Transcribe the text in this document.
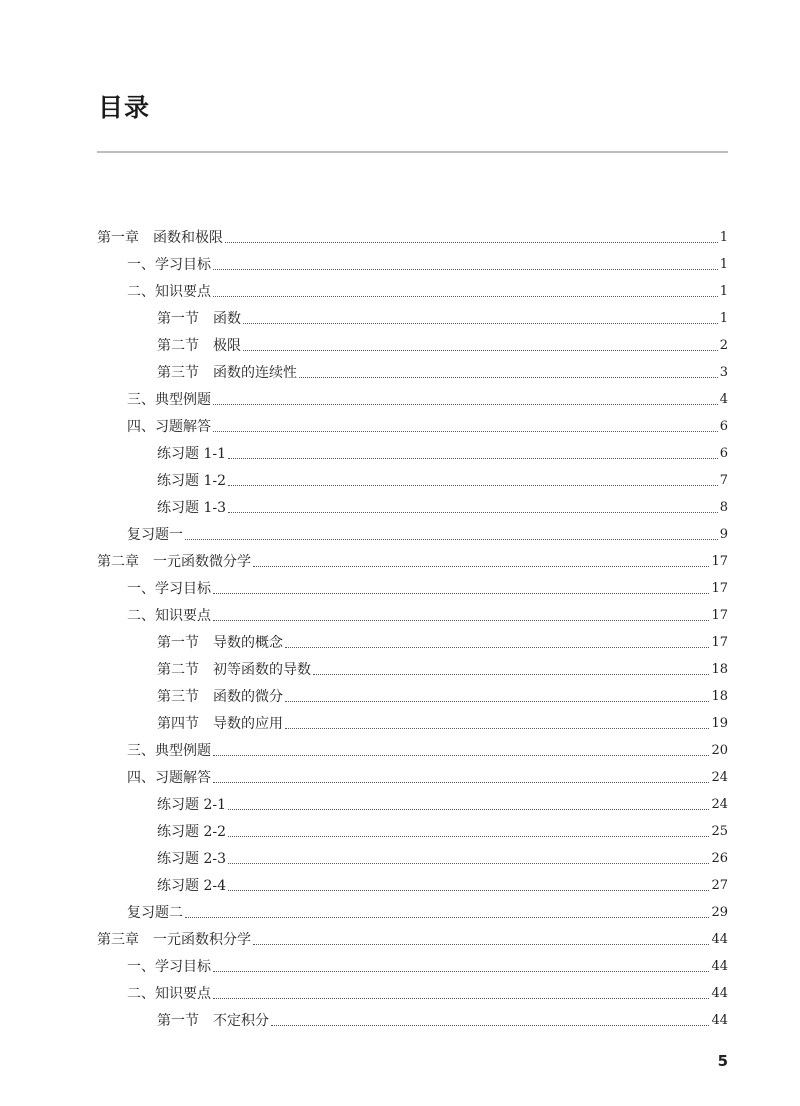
目录
第一章 函数和极限	1
一、学习目标	1
二、知识要点	1
第一节 函数	1
第二节 极限	2
第三节 函数的连续性	3
三、典型例题	4
四、习题解答	6
练习题 1-1	6
练习题 1-2	7
练习题 1-3	8
复习题一	9
第二章 一元函数微分学	17
一、学习目标	17
二、知识要点	17
第一节 导数的概念	17
第二节 初等函数的导数	18
第三节 函数的微分	18
第四节 导数的应用	19
三、典型例题	20
四、习题解答	24
练习题 2-1	24
练习题 2-2	25
练习题 2-3	26
练习题 2-4	27
复习题二	29
第三章 一元函数积分学	44
一、学习目标	44
二、知识要点	44
第一节 不定积分	44
5
